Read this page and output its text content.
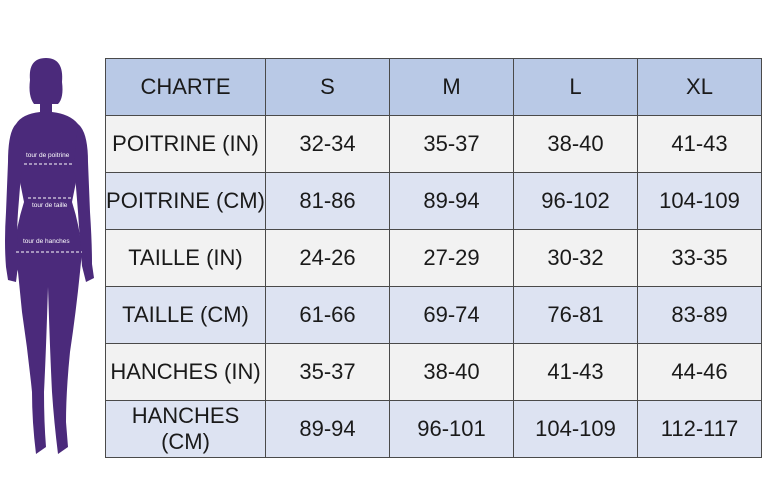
tour de poitrine
tour de taille
tour de hanches
CHARTE	S	M	L	XL
POITRINE (IN)	32-34	35-37	38-40	41-43
POITRINE (CM)	81-86	89-94	96-102	104-109
TAILLE (IN)	24-26	27-29	30-32	33-35
TAILLE (CM)	61-66	69-74	76-81	83-89
HANCHES (IN)	35-37	38-40	41-43	44-46
HANCHES (CM)	89-94	96-101	104-109	112-117
